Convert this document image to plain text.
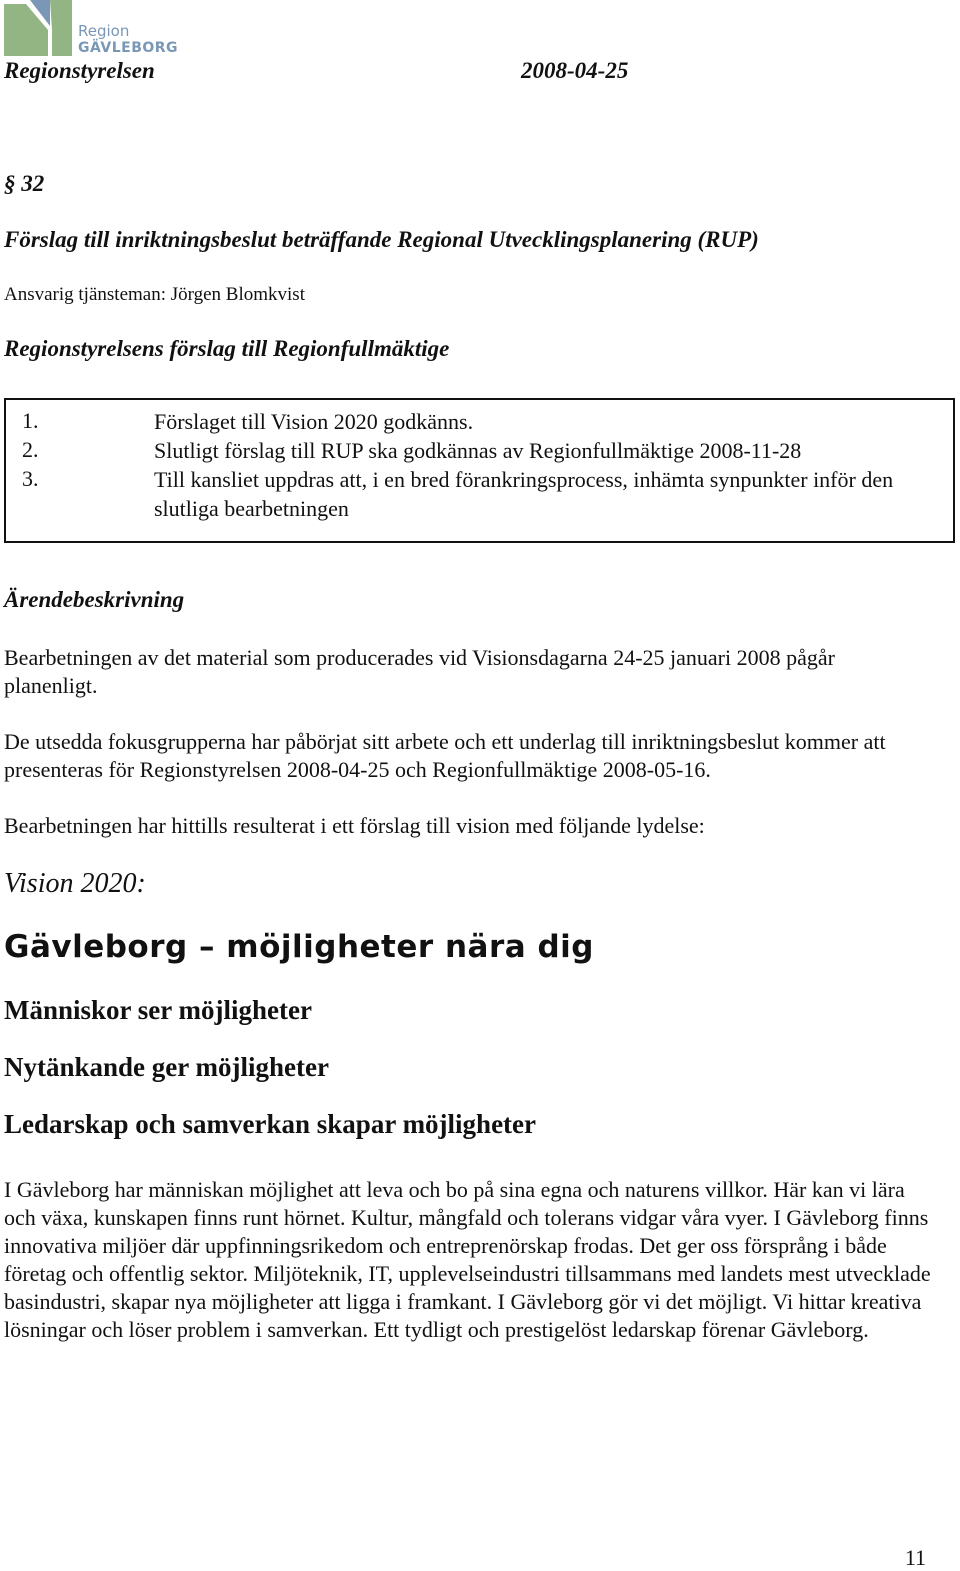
Region
GÄVLEBORG
Regionstyrelsen	2008-04-25
§ 32
Förslag till inriktningsbeslut beträffande Regional Utvecklingsplanering (RUP)
Ansvarig tjänsteman: Jörgen Blomkvist
Regionstyrelsens förslag till Regionfullmäktige
1.	Förslaget till Vision 2020 godkänns.
2.	Slutligt förslag till RUP ska godkännas av Regionfullmäktige 2008-11-28
3.	Till kansliet uppdras att, i en bred förankringsprocess, inhämta synpunkter inför den slutliga bearbetningen
Ärendebeskrivning
Bearbetningen av det material som producerades vid Visionsdagarna 24-25 januari 2008 pågår planenligt.
De utsedda fokusgrupperna har påbörjat sitt arbete och ett underlag till inriktningsbeslut kommer att presenteras för Regionstyrelsen 2008-04-25 och Regionfullmäktige 2008-05-16.
Bearbetningen har hittills resulterat i ett förslag till vision med följande lydelse:
Vision 2020:
Gävleborg – möjligheter nära dig
Människor ser möjligheter
Nytänkande ger möjligheter
Ledarskap och samverkan skapar möjligheter
I Gävleborg har människan möjlighet att leva och bo på sina egna och naturens villkor. Här kan vi lära och växa, kunskapen finns runt hörnet. Kultur, mångfald och tolerans vidgar våra vyer. I Gävleborg finns innovativa miljöer där uppfinningsrikedom och entreprenörskap frodas. Det ger oss försprång i både företag och offentlig sektor. Miljöteknik, IT, upplevelseindustri tillsammans med landets mest utvecklade basindustri, skapar nya möjligheter att ligga i framkant. I Gävleborg gör vi det möjligt. Vi hittar kreativa lösningar och löser problem i samverkan. Ett tydligt och prestigelöst ledarskap förenar Gävleborg.
11
